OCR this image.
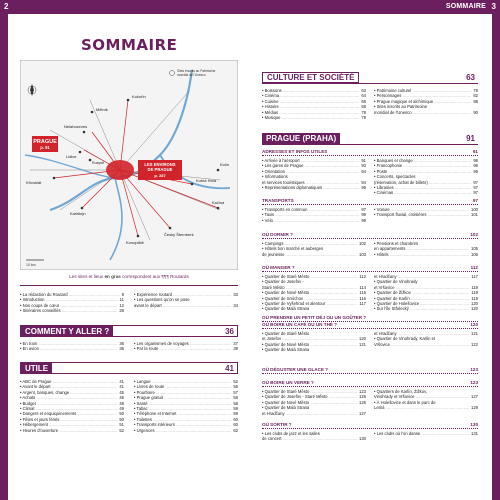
2
SOMMAIRE
Sites inscrits au Patrimoine
mondial de l'Unesco
PRAGUE
p. 91
LES ENVIRONS
DE PRAGUE
p. 287
Kokořín
Mělník
Nelahozeves
Lidice
Křivoklát
Karlštejn
Konopiště
Český Šternberk
Kutná Hora
Kačina
Kolín
Ruzyně
10 km
Les sites et lieux en gras correspondent aux ¶¶¶ Routards
• La rédaction du Routard .....	8
• Introduction .....	11
• Nos coups de cœur .....	12
• Itinéraires conseillés .....	28
• Expérience routard .....	33
• Les questions qu'on se pose
avant le départ .....	34
COMMENT Y ALLER ?	36
• En train .....	36
• En avion .....	36
• Les organismes de voyages .....	37
• Par la route .....	39
UTILE	41
• ABC de Prague .....	41
• Avant le départ .....	41
• Argent, banques, change .....	45
• Achats .....	46
• Budget .....	48
• Climat .....	49
• Dangers et enquiquinements .....	50
• Fêtes et jours fériés .....	50
• Hébergement .....	51
• Heures d'ouverture .....	52
• Langue .....	52
• Livres de route .....	55
• Pourboire .....	57
• Prague gratuit .....	58
• Santé .....	58
• Tabac .....	59
• Téléphone et Internet .....	59
• Toilettes .....	60
• Transports intérieurs .....	60
• Urgences .....	62
SOMMAIRE 3
CULTURE ET SOCIÉTÉ	63
• Boissons .....	63
• Cinéma .....	64
• Cuisine .....	66
• Histoire .....	68
• Médias .....	78
• Musique .....	78
• Patrimoine culturel .....	78
• Personnages .....	82
• Prague magique et alchimique .....	88
• Sites inscrits au Patrimoine
mondial de l'Unesco .....	90
PRAGUE (PRAHA)	91
ADRESSES ET INFOS UTILES	91
• Arrivée à l'aéroport .....	91
• Les gares de Prague .....	93
• Orientation .....	94
• Informations
et services touristiques .....	94
• Représentations diplomatiques .....	96
• Banques et change .....	96
• Francophonie .....	96
• Poste .....	96
• Concerts, spectacles
(réservation, achat de billets) .....	97
• Librairies .....	97
• Cinémas .....	97
TRANSPORTS	97
• Transports en commun .....	97
• Taxis .....	99
• Vélo .....	99
• Voiture .....	100
• Transport fluvial, croisières .....	101
OÙ DORMIR ?	102
• Campings .....	102
• Hôtels bon marché et auberges
de jeunesse .....	103
• Pensions et chambres
en appartements .....	105
• Hôtels .....	106
OÙ MANGER ?	112
• Quartier de Staré Město .....	112
• Quartier de Josefov -
Staré Město .....	114
• Quartier de Nové Město .....	115
• Quartier de Smíchov .....	116
• Quartier de Vyšehrad et alentour .....	117
• Quartier de Malá Strana
et Hradčany .....	117
• Quartier de Vinohrady
et Vršovice .....	119
• Quartier de Žižkov .....	119
• Quartier de Karlín .....	119
• Quartier de Holešovice .....	120
• Sur l'île Střelecký .....	120
OÙ PRENDRE UN PETIT DÉJ OU UN GOÛTER ?
OÙ BOIRE UN CAFÉ OU UN THÉ ?	120
• Quartier de Staré Město
et Josefov .....	120
• Quartier de Nové Město .....	121
• Quartier de Malá Strana
et Hradčany .....	121
• Quartier de Vinohrady, Karlín et
Vršovice .....	122
OÙ DÉGUSTER UNE GLACE ?	123
OÙ BOIRE UN VERRE ?	123
• Quartier de Staré Město .....	123
• Quartier de Josefov - Staré Město .....	125
• Quartier de Nové Město .....	125
• Quartier de Malá Strana
et Hradčany .....	127
• Quartiers de Karlín, Žižkov,
Vinohrady et Vršovice .....	127
• À Holešovice et dans le parc de
Letná .....	129
OÙ SORTIR ?	130
• Les clubs de jazz et les salles
de concert .....	130
• Les clubs où l'on danse .....	131
